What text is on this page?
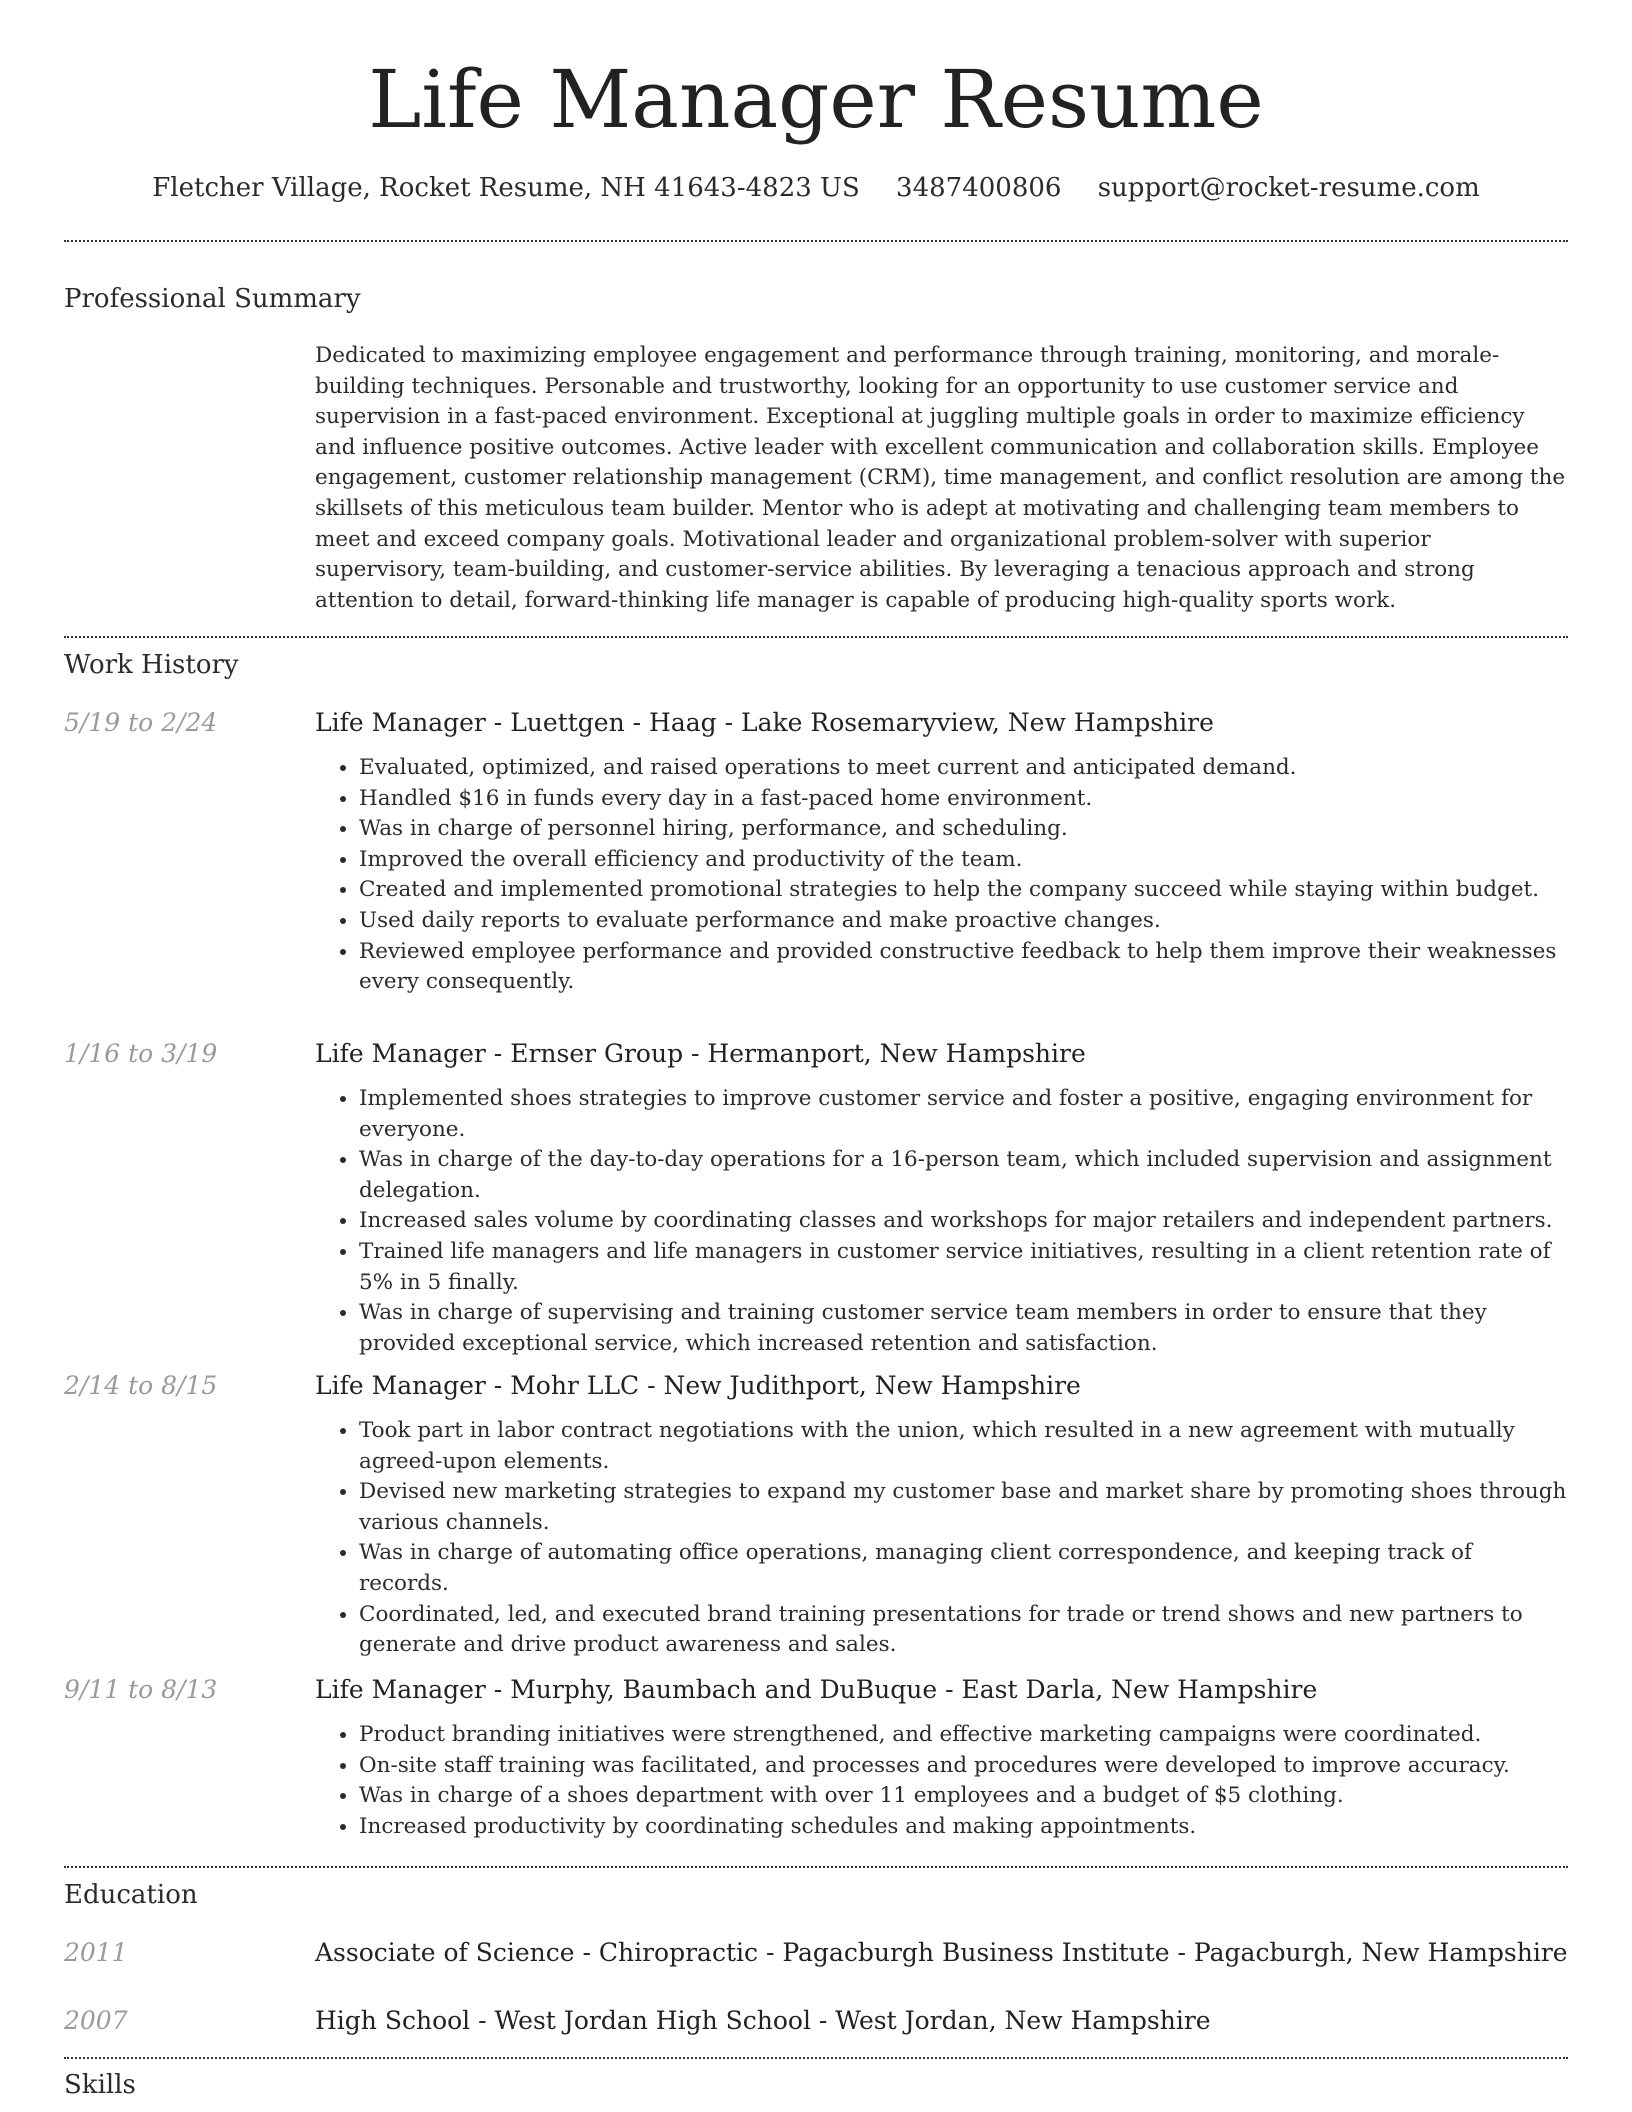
Life Manager Resume
Fletcher Village, Rocket Resume, NH 41643-4823 US 3487400806 support@rocket-resume.com
Professional Summary

Dedicated to maximizing employee engagement and performance through training, monitoring, and morale-building techniques. Personable and trustworthy, looking for an opportunity to use customer service and supervision in a fast-paced environment. Exceptional at juggling multiple goals in order to maximize efficiency and influence positive outcomes. Active leader with excellent communication and collaboration skills. Employee engagement, customer relationship management (CRM), time management, and conflict resolution are among the skillsets of this meticulous team builder. Mentor who is adept at motivating and challenging team members to meet and exceed company goals. Motivational leader and organizational problem-solver with superior supervisory, team-building, and customer-service abilities. By leveraging a tenacious approach and strong attention to detail, forward-thinking life manager is capable of producing high-quality sports work.

Work History
5/19 to 2/24	Life Manager - Luettgen - Haag - Lake Rosemaryview, New Hampshire
• Evaluated, optimized, and raised operations to meet current and anticipated demand.
• Handled $16 in funds every day in a fast-paced home environment.
• Was in charge of personnel hiring, performance, and scheduling.
• Improved the overall efficiency and productivity of the team.
• Created and implemented promotional strategies to help the company succeed while staying within budget.
• Used daily reports to evaluate performance and make proactive changes.
• Reviewed employee performance and provided constructive feedback to help them improve their weaknesses every consequently.
1/16 to 3/19	Life Manager - Ernser Group - Hermanport, New Hampshire
• Implemented shoes strategies to improve customer service and foster a positive, engaging environment for everyone.
• Was in charge of the day-to-day operations for a 16-person team, which included supervision and assignment delegation.
• Increased sales volume by coordinating classes and workshops for major retailers and independent partners.
• Trained life managers and life managers in customer service initiatives, resulting in a client retention rate of 5% in 5 finally.
• Was in charge of supervising and training customer service team members in order to ensure that they provided exceptional service, which increased retention and satisfaction.
2/14 to 8/15	Life Manager - Mohr LLC - New Judithport, New Hampshire
• Took part in labor contract negotiations with the union, which resulted in a new agreement with mutually agreed-upon elements.
• Devised new marketing strategies to expand my customer base and market share by promoting shoes through various channels.
• Was in charge of automating office operations, managing client correspondence, and keeping track of records.
• Coordinated, led, and executed brand training presentations for trade or trend shows and new partners to generate and drive product awareness and sales.
9/11 to 8/13	Life Manager - Murphy, Baumbach and DuBuque - East Darla, New Hampshire
• Product branding initiatives were strengthened, and effective marketing campaigns were coordinated.
• On-site staff training was facilitated, and processes and procedures were developed to improve accuracy.
• Was in charge of a shoes department with over 11 employees and a budget of $5 clothing.
• Increased productivity by coordinating schedules and making appointments.
Education
2011	Associate of Science - Chiropractic - Pagacburgh Business Institute - Pagacburgh, New Hampshire
2007	High School - West Jordan High School - West Jordan, New Hampshire
Skills
